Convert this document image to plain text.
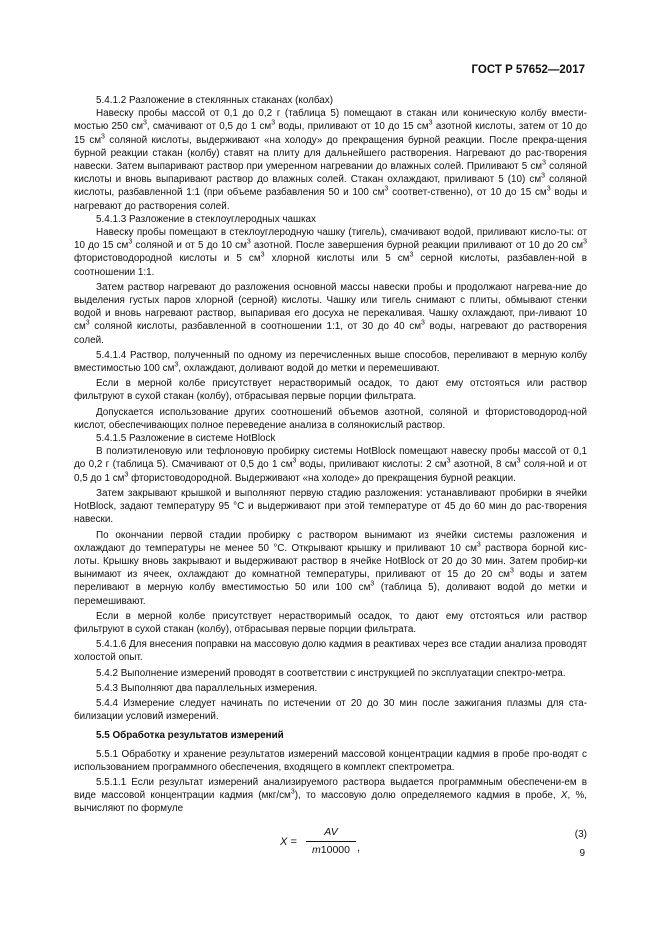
ГОСТ Р 57652—2017

5.4.1.2 Разложение в стеклянных стаканах (колбах)

Навеску пробы массой от 0,1 до 0,2 г (таблица 5) помещают в стакан или коническую колбу вмести-мостью 250 $см^3$, смачивают от 0,5 до 1 $см^3$ воды, приливают от 10 до 15 $см^3$ азотной кислоты, затем от 10 до 15 $см^3$ соляной кислоты, выдерживают «на холоду» до прекращения бурной реакции. После прекра-щения бурной реакции стакан (колбу) ставят на плиту для дальнейшего растворения. Нагревают до рас-творения навески. Затем выпаривают раствор при умеренном нагревании до влажных солей. Приливают 5 $см^3$ соляной кислоты и вновь выпаривают раствор до влажных солей. Стакан охлаждают, приливают 5 (10) $см^3$ соляной кислоты, разбавленной 1:1 (при объеме разбавления 50 и 100 $см^3$ соответ-ственно), от 10 до 15 $см^3$ воды и нагревают до растворения солей.

5.4.1.3 Разложение в стеклоуглеродных чашках

Навеску пробы помещают в стеклоуглеродную чашку (тигель), смачивают водой, приливают кисло-ты: от 10 до 15 $см^3$ соляной и от 5 до 10 $см^3$ азотной. После завершения бурной реакции приливают от 10 до 20 $см^3$ фтористоводородной кислоты и 5 $см^3$ хлорной кислоты или 5 $см^3$ серной кислоты, разбавлен-ной в соотношении 1:1.

Затем раствор нагревают до разложения основной массы навески пробы и продолжают нагрева-ние до выделения густых паров хлорной (серной) кислоты. Чашку или тигель снимают с плиты, обмывают стенки водой и вновь нагревают раствор, выпаривая его досуха не перекаливая. Чашку охлаждают, при-ливают 10 $см^3$ соляной кислоты, разбавленной в соотношении 1:1, от 30 до 40 $см^3$ воды, нагревают до растворения солей.

5.4.1.4 Раствор, полученный по одному из перечисленных выше способов, переливают в мерную колбу вместимостью 100 $см^3$, охлаждают, доливают водой до метки и перемешивают.

Если в мерной колбе присутствует нерастворимый осадок, то дают ему отстояться или раствор фильтруют в сухой стакан (колбу), отбрасывая первые порции фильтрата.

Допускается использование других соотношений объемов азотной, соляной и фтористоводород-ной кислот, обеспечивающих полное переведение анализа в солянокислый раствор.

5.4.1.5 Разложение в системе HotBlock

В полиэтиленовую или тефлоновую пробирку системы HotBlock помещают навеску пробы массой от 0,1 до 0,2 г (таблица 5). Смачивают от 0,5 до 1 $см^3$ воды, приливают кислоты: 2 $см^3$ азотной, 8 $см^3$ соля-ной и от 0,5 до 1 $см^3$ фтористоводородной. Выдерживают «на холоде» до прекращения бурной реакции.

Затем закрывают крышкой и выполняют первую стадию разложения: устанавливают пробирки в ячейки HotBlock, задают температуру 95 °С и выдерживают при этой температуре от 45 до 60 мин до рас-творения навески.

По окончании первой стадии пробирку с раствором вынимают из ячейки системы разложения и охлаждают до температуры не менее 50 °С. Открывают крышку и приливают 10 $см^3$ раствора борной кис-лоты. Крышку вновь закрывают и выдерживают раствор в ячейке HotBlock от 20 до 30 мин. Затем пробир-ки вынимают из ячеек, охлаждают до комнатной температуры, приливают от 15 до 20 $см^3$ воды и затем переливают в мерную колбу вместимостью 50 или 100 $см^3$ (таблица 5), доливают водой до метки и перемешивают.

Если в мерной колбе присутствует нерастворимый осадок, то дают ему отстояться или раствор фильтруют в сухой стакан (колбу), отбрасывая первые порции фильтрата.

5.4.1.6 Для внесения поправки на массовую долю кадмия в реактивах через все стадии анализа проводят холостой опыт.

5.4.2 Выполнение измерений проводят в соответствии с инструкцией по эксплуатации спектро-метра.

5.4.3 Выполняют два параллельных измерения.

5.4.4 Измерение следует начинать по истечении от 20 до 30 мин после зажигания плазмы для ста-билизации условий измерений.

5.5 Обработка результатов измерений

5.5.1 Обработку и хранение результатов измерений массовой концентрации кадмия в пробе про-водят с использованием программного обеспечения, входящего в комплект спектрометра.

5.5.1.1 Если результат измерений анализируемого раствора выдается программным обеспечени-ем в виде массовой концентрации кадмия $(мкг/см^3)$, то массовую долю определяемого кадмия в пробе, X, %, вычисляют по формуле

$X = \frac{AV}{m10000}$ ,
(3)
9
